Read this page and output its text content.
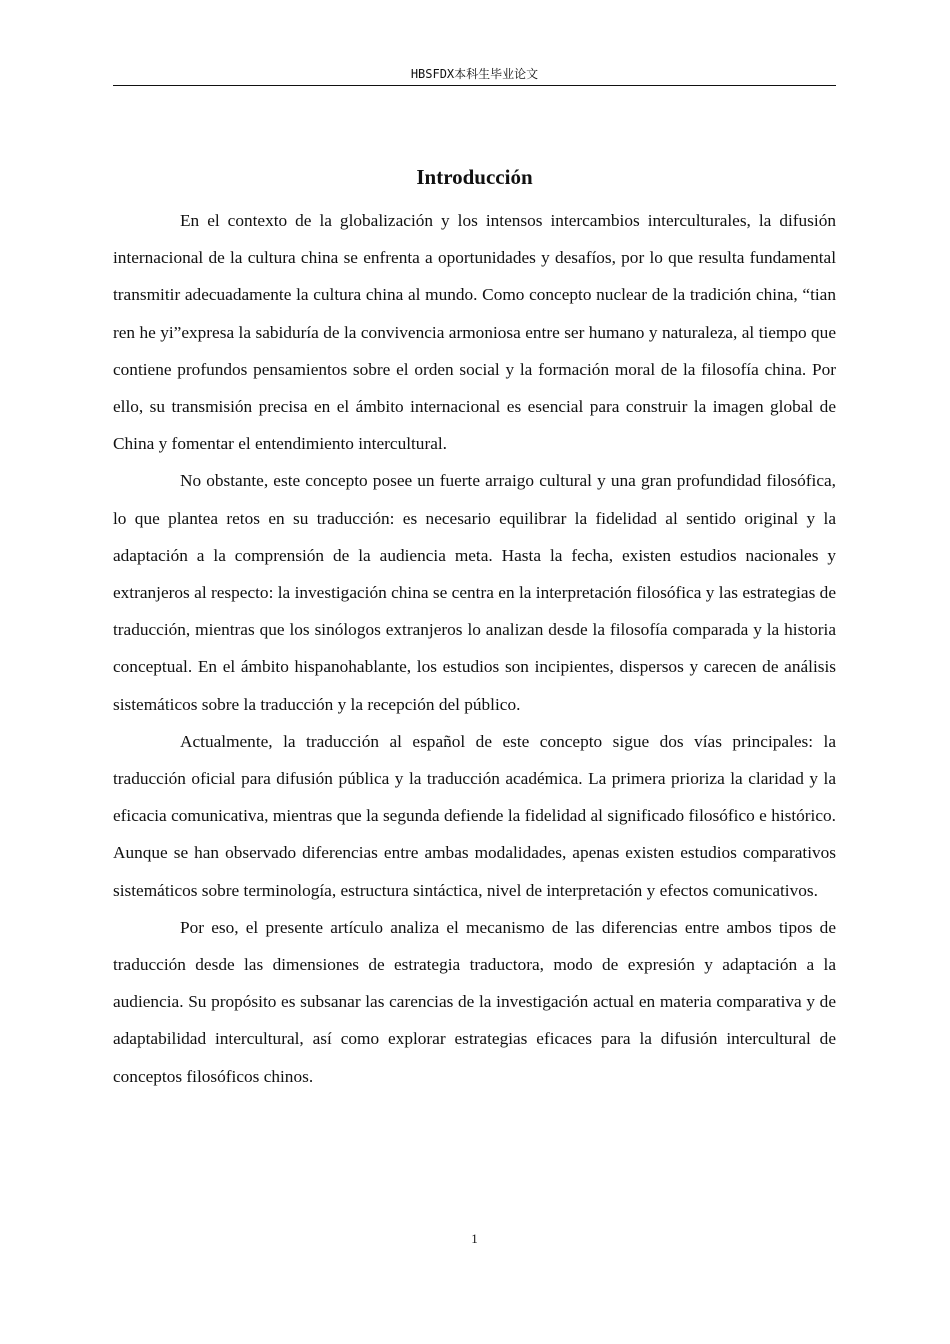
HBSFDX本科生毕业论文
Introducción

En el contexto de la globalización y los intensos intercambios interculturales, la difusión internacional de la cultura china se enfrenta a oportunidades y desafíos, por lo que resulta fundamental transmitir adecuadamente la cultura china al mundo. Como concepto nuclear de la tradición china, “tian ren he yi”expresa la sabiduría de la convivencia armoniosa entre ser humano y naturaleza, al tiempo que contiene profundos pensamientos sobre el orden social y la formación moral de la filosofía china. Por ello, su transmisión precisa en el ámbito internacional es esencial para construir la imagen global de China y fomentar el entendimiento intercultural.

No obstante, este concepto posee un fuerte arraigo cultural y una gran profundidad filosófica, lo que plantea retos en su traducción: es necesario equilibrar la fidelidad al sentido original y la adaptación a la comprensión de la audiencia meta. Hasta la fecha, existen estudios nacionales y extranjeros al respecto: la investigación china se centra en la interpretación filosófica y las estrategias de traducción, mientras que los sinólogos extranjeros lo analizan desde la filosofía comparada y la historia conceptual. En el ámbito hispanohablante, los estudios son incipientes, dispersos y carecen de análisis sistemáticos sobre la traducción y la recepción del público.

Actualmente, la traducción al español de este concepto sigue dos vías principales: la traducción oficial para difusión pública y la traducción académica. La primera prioriza la claridad y la eficacia comunicativa, mientras que la segunda defiende la fidelidad al significado filosófico e histórico. Aunque se han observado diferencias entre ambas modalidades, apenas existen estudios comparativos sistemáticos sobre terminología, estructura sintáctica, nivel de interpretación y efectos comunicativos.

Por eso, el presente artículo analiza el mecanismo de las diferencias entre ambos tipos de traducción desde las dimensiones de estrategia traductora, modo de expresión y adaptación a la audiencia. Su propósito es subsanar las carencias de la investigación actual en materia comparativa y de adaptabilidad intercultural, así como explorar estrategias eficaces para la difusión intercultural de conceptos filosóficos chinos.

1
